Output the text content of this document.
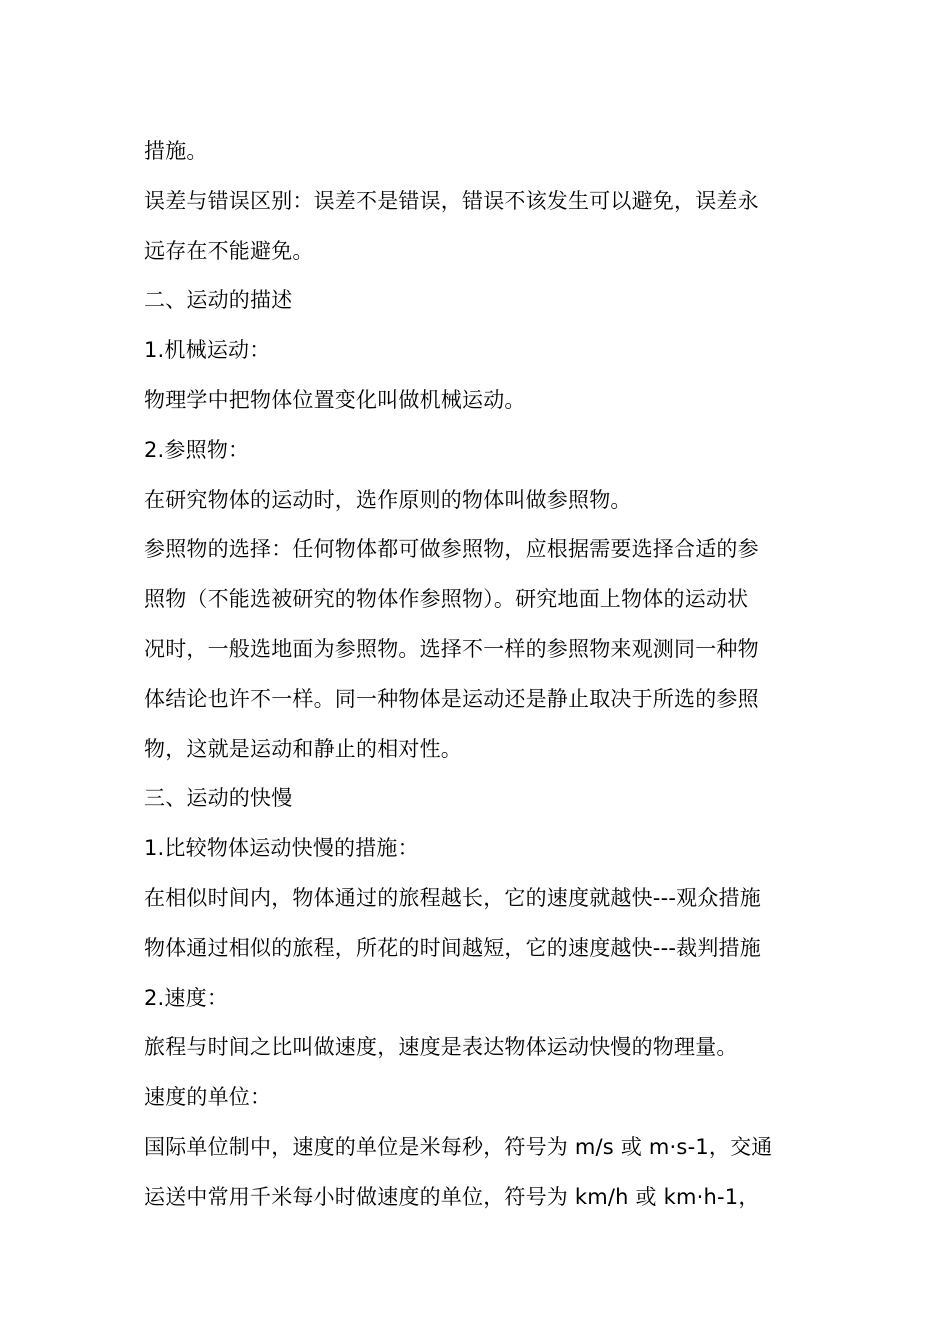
措施。
误差与错误区别：误差不是错误，错误不该发生可以避免，误差永
远存在不能避免。
二、运动的描述
1.机械运动：
物理学中把物体位置变化叫做机械运动。
2.参照物：
在研究物体的运动时，选作原则的物体叫做参照物。
参照物的选择：任何物体都可做参照物，应根据需要选择合适的参
照物（不能选被研究的物体作参照物）。研究地面上物体的运动状
况时，一般选地面为参照物。选择不一样的参照物来观测同一种物
体结论也许不一样。同一种物体是运动还是静止取决于所选的参照
物，这就是运动和静止的相对性。
三、运动的快慢
1.比较物体运动快慢的措施：
在相似时间内，物体通过的旅程越长，它的速度就越快---观众措施
物体通过相似的旅程，所花的时间越短，它的速度越快---裁判措施
2.速度：
旅程与时间之比叫做速度，速度是表达物体运动快慢的物理量。
速度的单位：
国际单位制中，速度的单位是米每秒，符号为 m/s 或 m·s-1，交通
运送中常用千米每小时做速度的单位，符号为 km/h 或 km·h-1，
